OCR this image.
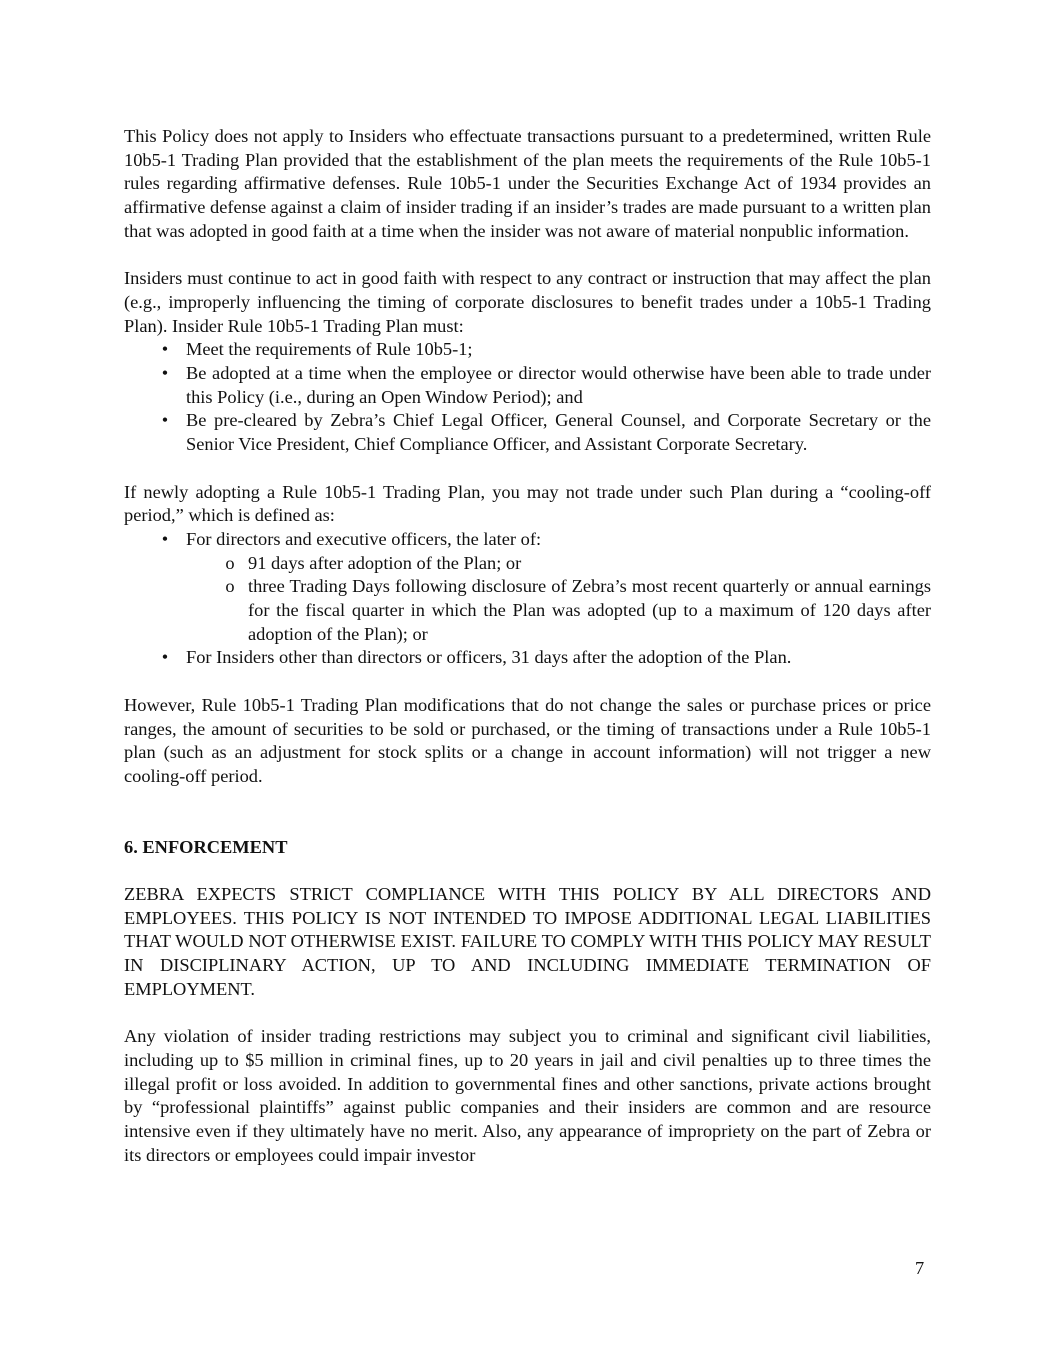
This Policy does not apply to Insiders who effectuate transactions pursuant to a predetermined, written Rule 10b5-1 Trading Plan provided that the establishment of the plan meets the requirements of the Rule 10b5-1 rules regarding affirmative defenses. Rule 10b5-1 under the Securities Exchange Act of 1934 provides an affirmative defense against a claim of insider trading if an insider’s trades are made pursuant to a written plan that was adopted in good faith at a time when the insider was not aware of material nonpublic information.

Insiders must continue to act in good faith with respect to any contract or instruction that may affect the plan (e.g., improperly influencing the timing of corporate disclosures to benefit trades under a 10b5-1 Trading Plan). Insider Rule 10b5-1 Trading Plan must:

• Meet the requirements of Rule 10b5-1;
• Be adopted at a time when the employee or director would otherwise have been able to trade under this Policy (i.e., during an Open Window Period); and
• Be pre-cleared by Zebra’s Chief Legal Officer, General Counsel, and Corporate Secretary or the Senior Vice President, Chief Compliance Officer, and Assistant Corporate Secretary.

If newly adopting a Rule 10b5-1 Trading Plan, you may not trade under such Plan during a “cooling-off period,” which is defined as:

• For directors and executive officers, the later of:
o 91 days after adoption of the Plan; or
o three Trading Days following disclosure of Zebra’s most recent quarterly or annual earnings for the fiscal quarter in which the Plan was adopted (up to a maximum of 120 days after adoption of the Plan); or
• For Insiders other than directors or officers, 31 days after the adoption of the Plan.

However, Rule 10b5-1 Trading Plan modifications that do not change the sales or purchase prices or price ranges, the amount of securities to be sold or purchased, or the timing of transactions under a Rule 10b5-1 plan (such as an adjustment for stock splits or a change in account information) will not trigger a new cooling-off period.

6. ENFORCEMENT

ZEBRA EXPECTS STRICT COMPLIANCE WITH THIS POLICY BY ALL DIRECTORS AND EMPLOYEES. THIS POLICY IS NOT INTENDED TO IMPOSE ADDITIONAL LEGAL LIABILITIES THAT WOULD NOT OTHERWISE EXIST. FAILURE TO COMPLY WITH THIS POLICY MAY RESULT IN DISCIPLINARY ACTION, UP TO AND INCLUDING IMMEDIATE TERMINATION OF EMPLOYMENT.

Any violation of insider trading restrictions may subject you to criminal and significant civil liabilities, including up to $5 million in criminal fines, up to 20 years in jail and civil penalties up to three times the illegal profit or loss avoided. In addition to governmental fines and other sanctions, private actions brought by “professional plaintiffs” against public companies and their insiders are common and are resource intensive even if they ultimately have no merit. Also, any appearance of impropriety on the part of Zebra or its directors or employees could impair investor

7
